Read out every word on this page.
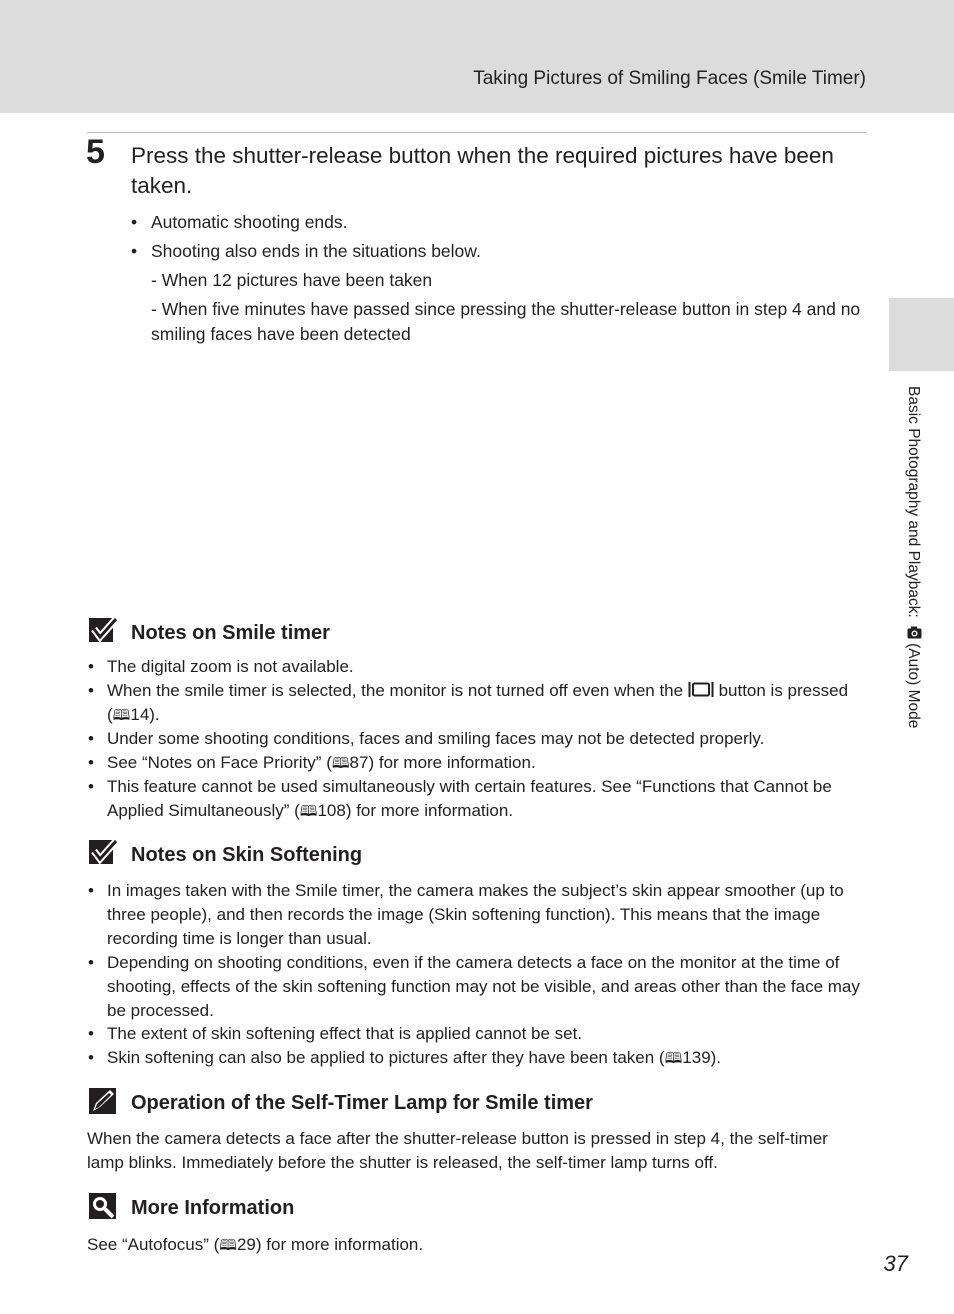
Taking Pictures of Smiling Faces (Smile Timer)
5 Press the shutter-release button when the required pictures have been taken.
• Automatic shooting ends.
• Shooting also ends in the situations below.
- When 12 pictures have been taken
- When five minutes have passed since pressing the shutter-release button in step 4 and no smiling faces have been detected
Basic Photography and Playback: (Auto) Mode
Notes on Smile timer
• The digital zoom is not available.
• When the smile timer is selected, the monitor is not turned off even when the button is pressed (🕮14).
• Under some shooting conditions, faces and smiling faces may not be detected properly.
• See “Notes on Face Priority” (🕮87) for more information.
• This feature cannot be used simultaneously with certain features. See “Functions that Cannot be Applied Simultaneously” (🕮108) for more information.
Notes on Skin Softening
• In images taken with the Smile timer, the camera makes the subject’s skin appear smoother (up to three people), and then records the image (Skin softening function). This means that the image recording time is longer than usual.
• Depending on shooting conditions, even if the camera detects a face on the monitor at the time of shooting, effects of the skin softening function may not be visible, and areas other than the face may be processed.
• The extent of skin softening effect that is applied cannot be set.
• Skin softening can also be applied to pictures after they have been taken (🕮139).
Operation of the Self-Timer Lamp for Smile timer
When the camera detects a face after the shutter-release button is pressed in step 4, the self-timer lamp blinks. Immediately before the shutter is released, the self-timer lamp turns off.
More Information
See “Autofocus” (🕮29) for more information.
37
